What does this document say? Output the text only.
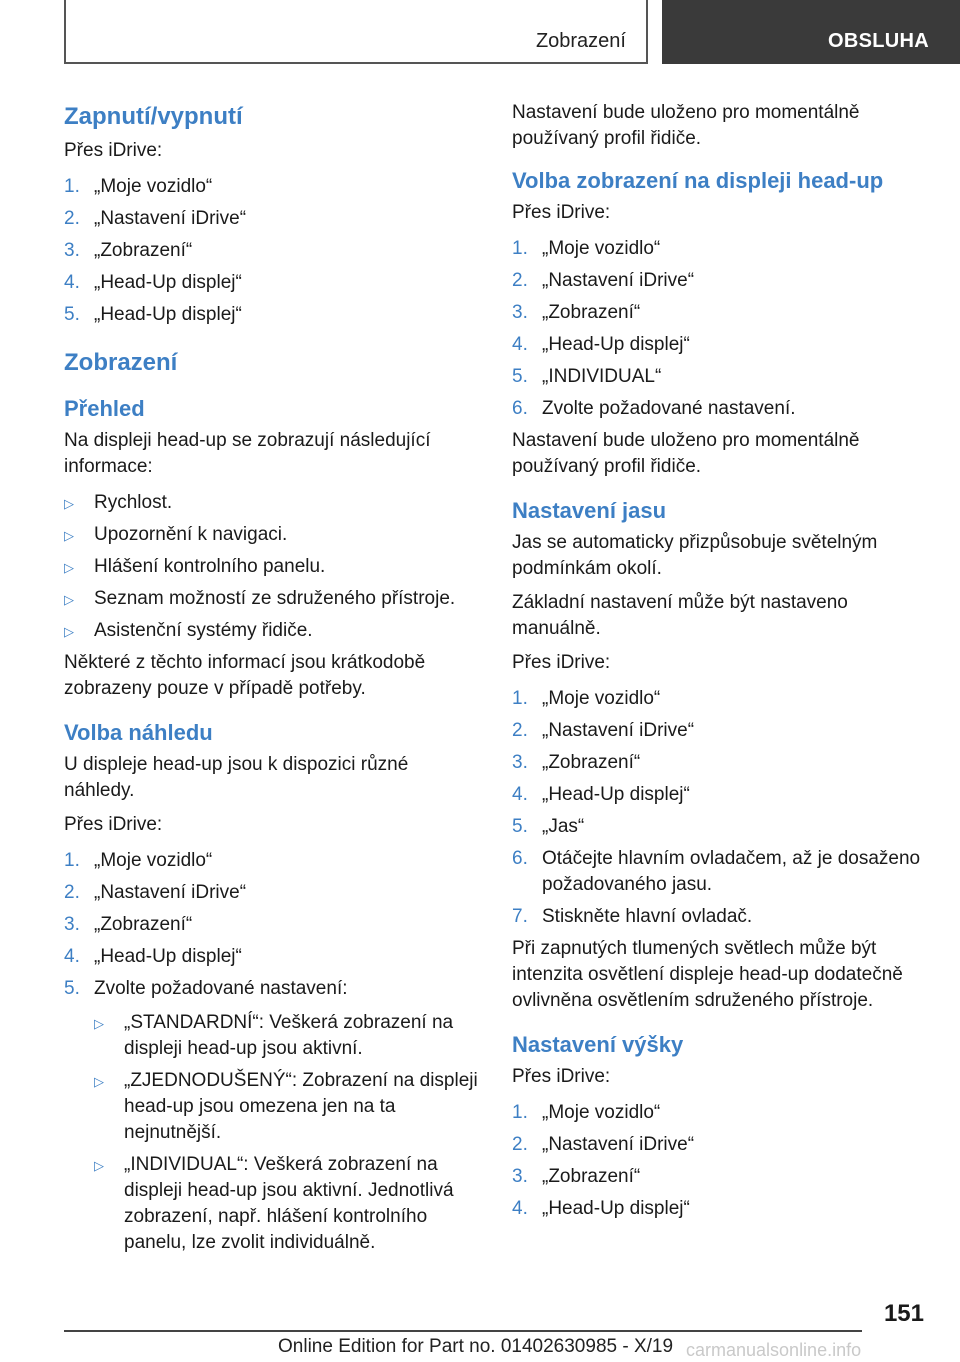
Zobrazení	OBSLUHA
Zapnutí/vypnutí

Přes iDrive:

1. „Moje vozidlo“
2. „Nastavení iDrive“
3. „Zobrazení“
4. „Head-Up displej“
5. „Head-Up displej“
Zobrazení
Přehled

Na displeji head-up se zobrazují následující informace:

▷ Rychlost.
▷ Upozornění k navigaci.
▷ Hlášení kontrolního panelu.
▷ Seznam možností ze sdruženého přístroje.
▷ Asistenční systémy řidiče.

Některé z těchto informací jsou krátkodobě zobrazeny pouze v případě potřeby.

Volba náhledu

U displeje head-up jsou k dispozici různé náhledy.

Přes iDrive:

1. „Moje vozidlo“
2. „Nastavení iDrive“
3. „Zobrazení“
4. „Head-Up displej“
5. Zvolte požadované nastavení:
▷ „STANDARDNÍ“: Veškerá zobrazení na displeji head-up jsou aktivní.
▷ „ZJEDNODUŠENÝ“: Zobrazení na displeji head-up jsou omezena jen na ta nejnutnější.
▷ „INDIVIDUAL“: Veškerá zobrazení na displeji head-up jsou aktivní. Jednotlivá zobrazení, např. hlášení kontrolního panelu, lze zvolit individuálně.

Nastavení bude uloženo pro momentálně používaný profil řidiče.

Volba zobrazení na displeji head-up

Přes iDrive:

1. „Moje vozidlo“
2. „Nastavení iDrive“
3. „Zobrazení“
4. „Head-Up displej“
5. „INDIVIDUAL“
6. Zvolte požadované nastavení.

Nastavení bude uloženo pro momentálně používaný profil řidiče.

Nastavení jasu

Jas se automaticky přizpůsobuje světelným podmínkám okolí.

Základní nastavení může být nastaveno manuálně.

Přes iDrive:

1. „Moje vozidlo“
2. „Nastavení iDrive“
3. „Zobrazení“
4. „Head-Up displej“
5. „Jas“
6. Otáčejte hlavním ovladačem, až je dosaženo požadovaného jasu.
7. Stiskněte hlavní ovladač.

Při zapnutých tlumených světlech může být intenzita osvětlení displeje head-up dodatečně ovlivněna osvětlením sdruženého přístroje.

Nastavení výšky

Přes iDrive:

1. „Moje vozidlo“
2. „Nastavení iDrive“
3. „Zobrazení“
4. „Head-Up displej“
151
Online Edition for Part no. 01402630985 - X/19 carmanualsonline.info
